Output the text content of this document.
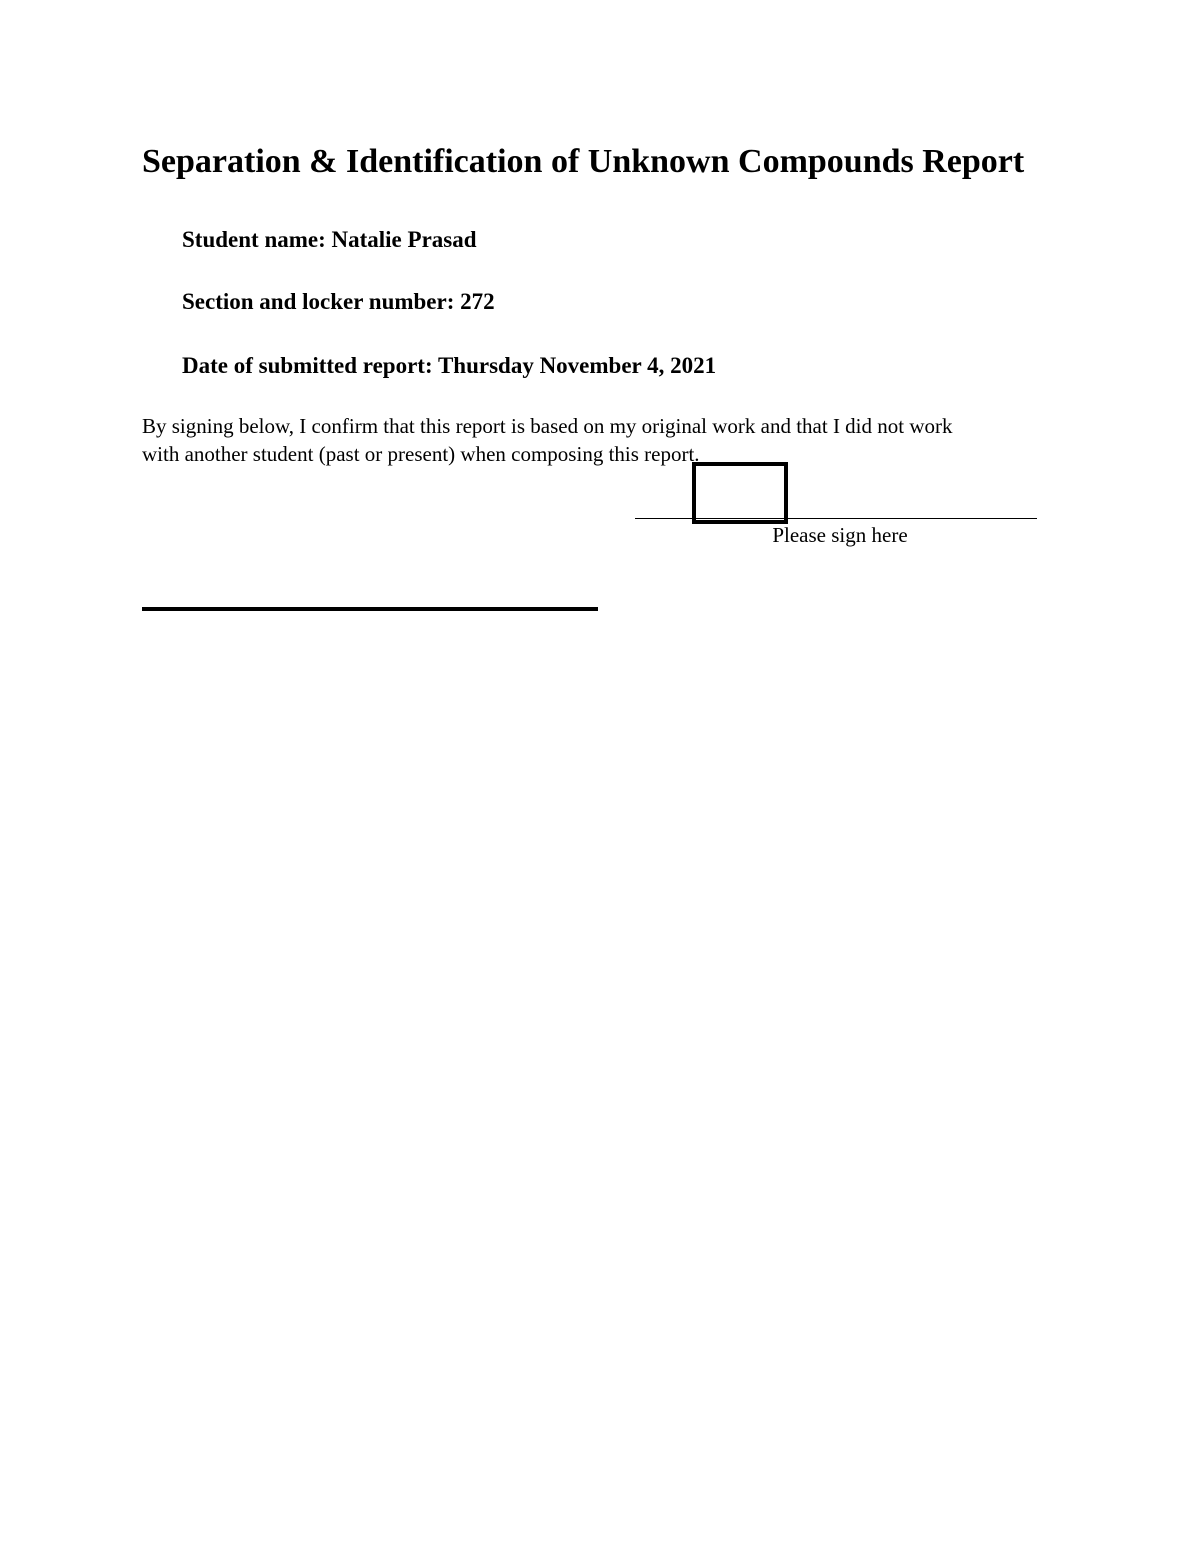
Separation & Identification of Unknown Compounds Report

Student name: Natalie Prasad

Section and locker number: 272

Date of submitted report: Thursday November 4, 2021

By signing below, I confirm that this report is based on my original work and that I did not work
with another student (past or present) when composing this report.

Please sign here
